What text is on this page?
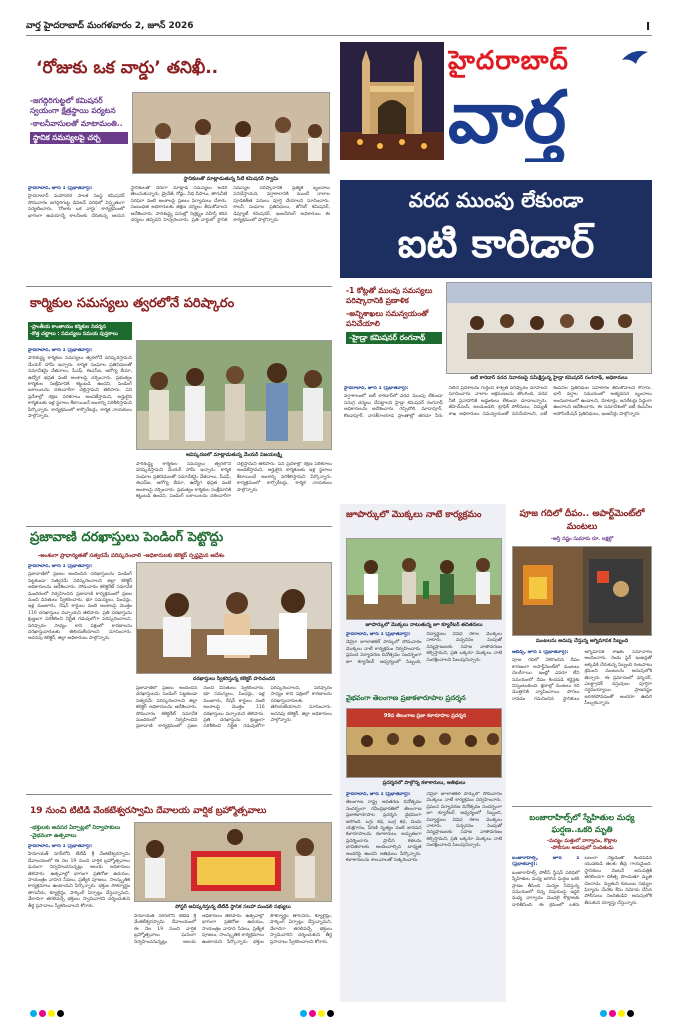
వార్త హైదరాబాద్ మంగళవారం 2, జూన్ 2026	I
‘రోజుకు ఒక వార్డు’ తనిఖీ..
-జగద్గిరిగుట్టలో కమిషనర్ స్వయంగా క్షేత్రస్థాయి పర్యటన
-కాలనీవాసులతో మాటామంతి..
స్థానిక సమస్యలపై చర్చ
స్థానికులతో మాట్లాడుతున్న సిటీ కమిషనర్ స్వామి

హైదరాబాద్, జూన్ 1 (ప్రభాతవార్త):

హైదరాబాద్ మహానగర పాలక సంస్థ కమిషనర్ సోమవారం జగద్గిరిగుట్ట డివిజన్ పరిధిలో విస్తృతంగా పర్యటించారు. ‘రోజుకు ఒక వార్డు’ కార్యక్రమంలో భాగంగా ఉదయాన్నే కాలనీలకు చేరుకున్న ఆయన స్థానికులతో నేరుగా మాట్లాడి సమస్యలు అడిగి తెలుసుకున్నారు. డ్రైనేజీ, రోడ్లు, వీధి దీపాలు, తాగునీటి సరఫరా వంటి అంశాలపై ప్రజలు ఫిర్యాదులు చేశారు. సంబంధిత అధికారులకు తక్షణ చర్యలు తీసుకోవాలని ఆదేశించారు. పారిశుద్ధ్య పనుల్లో నిర్లక్ష్యం వహిస్తే కఠిన చర్యలు తప్పవని హెచ్చరించారు. ప్రతి వార్డులో స్థానిక సమస్యల పరిష్కారానికి ప్రత్యేక బృందాలు పనిచేస్తాయని, వర్షాకాలానికి ముందే నాలాల పూడికతీత పనులు పూర్తి చేయాలని సూచించారు. కాలనీ సంఘాల ప్రతినిధులు, జోనల్ కమిషనర్, డిప్యూటీ కమిషనర్, ఇంజనీరింగ్ అధికారులు ఈ కార్యక్రమంలో పాల్గొన్నారు.

కార్మికుల సమస్యలు త్వరలోనే పరిష్కారం
-ప్రాంతీయ కాంతాయం కర్మికుల నిదర్శన
-కొత్త చట్టాలు : సమస్యలు సమయ పుస్తకాలు
ఆవిష్కరణలో మాట్లాడుతున్న మేయర్ విజయలక్ష్మి

హైదరాబాద్, జూన్ 1 (ప్రభాతవార్త):

పారిశుద్ధ్య కార్మికుల సమస్యలు త్వరలోనే పరిష్కరిస్తామని మేయర్ హామీ ఇచ్చారు. కార్మిక సంఘాల ప్రతినిధులతో సమావేశమై వేతనాలు, పీఎఫ్, ఈఎస్ఐ, ఆరోగ్య బీమా, ఉద్యోగ భద్రత వంటి అంశాలపై చర్చించారు. ప్రభుత్వం కార్మికుల సంక్షేమానికి కట్టుబడి ఉందని, పెండింగ్ బకాయిలను దశలవారీగా చెల్లిస్తామని తెలిపారు. పని ప్రదేశాల్లో రక్షణ పరికరాలు అందజేస్తామని, అర్హులైన కార్మికులకు ఇళ్ల స్థలాలు కేటాయించే అంశాన్ని పరిశీలిస్తామని పేర్కొన్నారు. కార్యక్రమంలో కార్పొరేటర్లు, కార్మిక నాయకులు పాల్గొన్నారు.

పారిశుద్ధ్య కార్మికుల సమస్యలు త్వరలోనే పరిష్కరిస్తామని మేయర్ హామీ ఇచ్చారు. కార్మిక సంఘాల ప్రతినిధులతో సమావేశమై వేతనాలు, పీఎఫ్, ఈఎస్ఐ, ఆరోగ్య బీమా, ఉద్యోగ భద్రత వంటి అంశాలపై చర్చించారు. ప్రభుత్వం కార్మికుల సంక్షేమానికి కట్టుబడి ఉందని, పెండింగ్ బకాయిలను దశలవారీగా చెల్లిస్తామని తెలిపారు. పని ప్రదేశాల్లో రక్షణ పరికరాలు అందజేస్తామని, అర్హులైన కార్మికులకు ఇళ్ల స్థలాలు కేటాయించే అంశాన్ని పరిశీలిస్తామని పేర్కొన్నారు. కార్యక్రమంలో కార్పొరేటర్లు, కార్మిక నాయకులు పాల్గొన్నారు.

ప్రజావాణి దరఖాస్తులు పెండింగ్ పెట్టొద్దు
-అంశంగా ప్రాధాన్యతతో సత్వరమే పరిష్కరించాలి -అధికారులకు కలెక్టర్ స్పష్టమైన ఆదేశం
దరఖాస్తులు స్వీకరిస్తున్న కలెక్టర్ హరిచందన

హైదరాబాద్, జూన్ 1 (ప్రభాతవార్త):

ప్రజావాణిలో ప్రజలు అందించిన దరఖాస్తులను పెండింగ్ పెట్టకుండా సత్వరమే పరిష్కరించాలని జిల్లా కలెక్టర్ అధికారులను ఆదేశించారు. సోమవారం కలెక్టరేట్ సమావేశ మందిరంలో నిర్వహించిన ప్రజావాణి కార్యక్రమంలో ప్రజల నుంచి వినతులు స్వీకరించారు. భూ సమస్యలు, పింఛన్లు, ఇళ్ల మంజూరు, రేషన్ కార్డులు వంటి అంశాలపై మొత్తం 116 దరఖాస్తులు వచ్చాయని తెలిపారు. ప్రతి దరఖాస్తును క్షుణ్ణంగా పరిశీలించి నిర్ణీత గడువులోగా పరిష్కరించాలని, పరిష్కారం సాధ్యం కాని పక్షంలో కారణాలను దరఖాస్తుదారులకు తెలియజేయాలని సూచించారు. అదనపు కలెక్టర్, జిల్లా అధికారులు పాల్గొన్నారు.

ప్రజావాణిలో ప్రజలు అందించిన దరఖాస్తులను పెండింగ్ పెట్టకుండా సత్వరమే పరిష్కరించాలని జిల్లా కలెక్టర్ అధికారులను ఆదేశించారు. సోమవారం కలెక్టరేట్ సమావేశ మందిరంలో నిర్వహించిన ప్రజావాణి కార్యక్రమంలో ప్రజల నుంచి వినతులు స్వీకరించారు. భూ సమస్యలు, పింఛన్లు, ఇళ్ల మంజూరు, రేషన్ కార్డులు వంటి అంశాలపై మొత్తం 116 దరఖాస్తులు వచ్చాయని తెలిపారు. ప్రతి దరఖాస్తును క్షుణ్ణంగా పరిశీలించి నిర్ణీత గడువులోగా పరిష్కరించాలని, పరిష్కారం సాధ్యం కాని పక్షంలో కారణాలను దరఖాస్తుదారులకు తెలియజేయాలని సూచించారు. అదనపు కలెక్టర్, జిల్లా అధికారులు పాల్గొన్నారు.

19 నుంచి టీటీడీ వేంకటేశ్వరస్వామి దేవాలయ వార్షిక బ్రహ్మోత్సవాలు
-భక్తులకు అవసర ఏర్పాట్లలో నిర్వాహకులు
-వైభవంగా ఉత్సవాలు
పోస్టర్ ఆవిష్కరిస్తున్న టీటీడీ స్థానిక సలహా మండలి సభ్యులు

హైదరాబాద్, జూన్ 1 (ప్రభాతవార్త):

హిమాయత్ నగర్‌లోని టీటీడీ శ్రీ వేంకటేశ్వరస్వామి దేవాలయంలో ఈ నెల 19 నుంచి వార్షిక బ్రహ్మోత్సవాలు ఘనంగా నిర్వహించనున్నట్లు ఆలయ అధికారులు తెలిపారు. ఉత్సవాల్లో భాగంగా ప్రతిరోజు ఉదయం, సాయంత్రం వాహన సేవలు, ప్రత్యేక పూజలు, సాంస్కృతిక కార్యక్రమాలు ఉంటాయని పేర్కొన్నారు. భక్తుల సౌకర్యార్థం తాగునీరు, క్యూలైన్లు, పార్కింగ్ ఏర్పాట్లు చేస్తున్నామని, వేలాదిగా తరలివచ్చే భక్తులు స్వామివారిని దర్శించుకుని తీర్థ ప్రసాదాలు స్వీకరించాలని కోరారు.

హిమాయత్ నగర్‌లోని టీటీడీ శ్రీ వేంకటేశ్వరస్వామి దేవాలయంలో ఈ నెల 19 నుంచి వార్షిక బ్రహ్మోత్సవాలు ఘనంగా నిర్వహించనున్నట్లు ఆలయ అధికారులు తెలిపారు. ఉత్సవాల్లో భాగంగా ప్రతిరోజు ఉదయం, సాయంత్రం వాహన సేవలు, ప్రత్యేక పూజలు, సాంస్కృతిక కార్యక్రమాలు ఉంటాయని పేర్కొన్నారు. భక్తుల సౌకర్యార్థం తాగునీరు, క్యూలైన్లు, పార్కింగ్ ఏర్పాట్లు చేస్తున్నామని, వేలాదిగా తరలివచ్చే భక్తులు స్వామివారిని దర్శించుకుని తీర్థ ప్రసాదాలు స్వీకరించాలని కోరారు.

హైదరాబాద్
వార్త
వరద ముంపు లేకుండా
ఐటి కారిడార్
-1 కోట్లతో ముంపు సమస్యలు పరిష్కారానికి ప్రణాళిక
-అన్నిశాఖలు సమన్వయంతో పనిచేయాలి
-హైడ్రా కమిషనర్ రంగనాథ్
ఐటీ కారిడార్ వరద నివారణపై సమీక్షిస్తున్న హైడ్రా కమిషనర్ రంగనాథ్, అధికారులు

హైదరాబాద్, జూన్ 1 (ప్రభాతవార్త):

వర్షాకాలంలో ఐటీ కారిడార్‌లో వరద ముంపు లేకుండా సమగ్ర చర్యలు చేపట్టాలని హైడ్రా కమిషనర్ రంగనాథ్ అధికారులను ఆదేశించారు. గచ్చిబౌలి, మాదాపూర్, కొండాపూర్, నానక్‌రాంగూడ ప్రాంతాల్లో తరచూ నీరు నిలిచే ప్రదేశాలను గుర్తించి శాశ్వత పరిష్కారం చూపాలని సూచించారు. నాలాల ఆక్రమణలను తొలగించి, వరద నీటి ప్రవాహానికి అడ్డంకులు లేకుండా చూడాలన్నారు. జీహెచ్ఎంసీ, జలమండలి, ట్రాఫిక్ పోలీసులు, విద్యుత్ శాఖ అధికారులు సమన్వయంతో పనిచేయాలని, ఐటీ కంపెనీల ప్రతినిధుల సహకారం తీసుకోవాలని కోరారు. భారీ వర్షాల సమయంలో అత్యవసర బృందాలు అందుబాటులో ఉండాలని, మోటార్లు, జనరేటర్లు సిద్ధంగా ఉంచాలని ఆదేశించారు. ఈ సమావేశంలో ఐటీ కంపెనీల అసోసియేషన్ ప్రతినిధులు, ఇంజనీర్లు పాల్గొన్నారు.

జూపార్కులో మొక్కలు నాటే కార్యక్రమం
జూపార్కులో మొక్కలు నాటుతున్న జూ క్యూరేటర్ తదితరులు

హైదరాబాద్, జూన్ 1 (ప్రభాతవార్త):

నెహ్రూ జూలాజికల్ పార్కులో సోమవారం మొక్కలు నాటే కార్యక్రమం నిర్వహించారు. ప్రపంచ పర్యావరణ దినోత్సవం సందర్భంగా జూ క్యూరేటర్ ఆధ్వర్యంలో సిబ్బంది, విద్యార్థులు వివిధ రకాల మొక్కలు నాటారు. పచ్చదనం పెంపుతో వన్యప్రాణులకు సహజ వాతావరణం కల్పిస్తామని, ప్రతి ఒక్కరూ మొక్కలు నాటి సంరక్షించాలని పిలుపునిచ్చారు.

వైభవంగా తెలంగాణ ప్రజాకళారూపాల ప్రదర్శన
99వ తెలంగాణ ప్రజా కళారూపాల ప్రదర్శన
ప్రదర్శనలో పాల్గొన్న కళాకారులు, అతిథులు

హైదరాబాద్, జూన్ 1 (ప్రభాతవార్త):

తెలంగాణ రాష్ట్ర అవతరణ దినోత్సవం సందర్భంగా రవీంద్రభారతిలో తెలంగాణ ప్రజాకళారూపాల ప్రదర్శన వైభవంగా జరిగింది. ఒగ్గు కథ, బుర్ర కథ, చిందు యక్షగానం, పేరిణి నృత్యం వంటి జానపద కళారూపాలను కళాకారులు అద్భుతంగా ప్రదర్శించారు. ప్రాచీన కళలను భావితరాలకు అందించాల్సిన బాధ్యత అందరిపై ఉందని అతిథులు పేర్కొన్నారు. కళాకారులను శాలువాలతో సత్కరించారు.

నెహ్రూ జూలాజికల్ పార్కులో సోమవారం మొక్కలు నాటే కార్యక్రమం నిర్వహించారు. ప్రపంచ పర్యావరణ దినోత్సవం సందర్భంగా జూ క్యూరేటర్ ఆధ్వర్యంలో సిబ్బంది, విద్యార్థులు వివిధ రకాల మొక్కలు నాటారు. పచ్చదనం పెంపుతో వన్యప్రాణులకు సహజ వాతావరణం కల్పిస్తామని, ప్రతి ఒక్కరూ మొక్కలు నాటి సంరక్షించాలని పిలుపునిచ్చారు.

పూజ గదిలో దీపం.. అపార్ట్‌మెంట్‌లో మంటలు
-ఆస్తి నష్టం సుమారు రూ. లక్షల్లో
మంటలను అదుపు చేస్తున్న అగ్నిమాపక సిబ్బంది

అబిడ్స్, జూన్ 1 (ప్రభాతవార్త):

పూజ గదిలో వెలిగించిన దీపం కారణంగా అపార్ట్‌మెంట్‌లో మంటలు చెలరేగాయి. ఇంట్లో ఎవరూ లేని సమయంలో దీపం కిందపడి కర్టెన్లకు నిప్పంటుకుంది. క్షణాల్లో మంటలు గది మొత్తానికి వ్యాపించాయి. పొగలు రావడం గమనించిన స్థానికులు అగ్నిమాపక శాఖకు సమాచారం అందించారు. రెండు ఫైర్ ఇంజన్లతో అక్కడికి చేరుకున్న సిబ్బంది గంటపాటు శ్రమించి మంటలను అదుపులోకి తెచ్చారు. ఈ ప్రమాదంలో ఫర్నిచర్, ఎలక్ట్రానిక్ వస్తువులు పూర్తిగా దగ్ధమయ్యాయి. ప్రాణనష్టం జరగకపోవడంతో అందరూ ఊపిరి పీల్చుకున్నారు.

బంజారాహిల్స్‌లో స్నేహితుల మధ్య ఘర్షణ..ఒకరి మృతి
-మద్యం మత్తులో వాగ్వాదం, కొట్లాట
-పోలీసుల అదుపులో నిందితుడు

బంజారాహిల్స్, జూన్ 1 (ప్రభాతవార్త):

బంజారాహిల్స్ పోలీస్ స్టేషన్ పరిధిలో స్నేహితుల మధ్య జరిగిన ఘర్షణ ఒకరి ప్రాణం తీసింది. మద్యం సేవిస్తున్న సమయంలో చిన్న విషయంపై ఇద్దరి మధ్య వాగ్వాదం మొదలై కొట్లాటకు దారితీసింది. ఈ క్రమంలో ఒకరు బలంగా నెట్టడంతో కిందపడిన యువకుడి తలకు తీవ్ర గాయమైంది. స్థానికులు వెంటనే ఆసుపత్రికి తరలించగా చికిత్స పొందుతూ మృతి చెందాడు. మృతుని కుటుంబ సభ్యుల ఫిర్యాదు మేరకు కేసు నమోదు చేసిన పోలీసులు నిందితుడిని అదుపులోకి తీసుకుని దర్యాప్తు చేస్తున్నారు.
